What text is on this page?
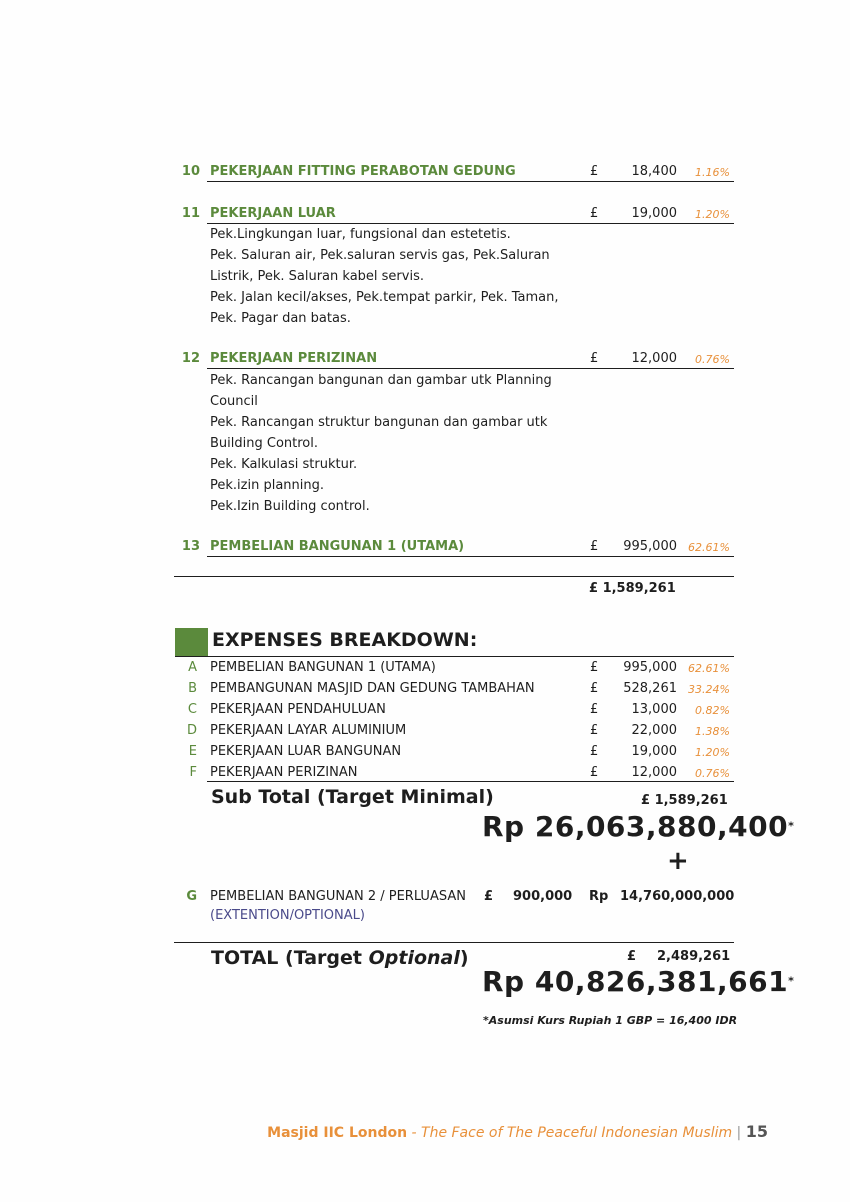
10 PEKERJAAN FITTING PERABOTAN GEDUNG	£	18,400	1.16%
11 PEKERJAAN LUAR	£	19,000	1.20%
Pek.Lingkungan luar, fungsional dan estetetis.
Pek. Saluran air, Pek.saluran servis gas, Pek.Saluran
Listrik, Pek. Saluran kabel servis.
Pek. Jalan kecil/akses, Pek.tempat parkir, Pek. Taman,
Pek. Pagar dan batas.
12 PEKERJAAN PERIZINAN	£	12,000	0.76%
Pek. Rancangan bangunan dan gambar utk Planning
Council
Pek. Rancangan struktur bangunan dan gambar utk
Building Control.
Pek. Kalkulasi struktur.
Pek.izin planning.
Pek.Izin Building control.
13 PEMBELIAN BANGUNAN 1 (UTAMA)	£	995,000	62.61%
£ 1,589,261
EXPENSES BREAKDOWN:
A PEMBELIAN BANGUNAN 1 (UTAMA)	£	995,000	62.61%
B PEMBANGUNAN MASJID DAN GEDUNG TAMBAHAN	£	528,261	33.24%
C PEKERJAAN PENDAHULUAN	£	13,000	0.82%
D PEKERJAAN LAYAR ALUMINIUM	£	22,000	1.38%
E PEKERJAAN LUAR BANGUNAN	£	19,000	1.20%
F PEKERJAAN PERIZINAN	£	12,000	0.76%
Sub Total (Target Minimal)	£ 1,589,261
Rp 26,063,880,400*
+
G PEMBELIAN BANGUNAN 2 / PERLUASAN
(EXTENTION/OPTIONAL)
£ 900,000 Rp 14,760,000,000
TOTAL (Target Optional)	£ 2,489,261
Rp 40,826,381,661*
*Asumsi Kurs Rupiah 1 GBP = 16,400 IDR
Masjid IIC London - The Face of The Peaceful Indonesian Muslim | 15
